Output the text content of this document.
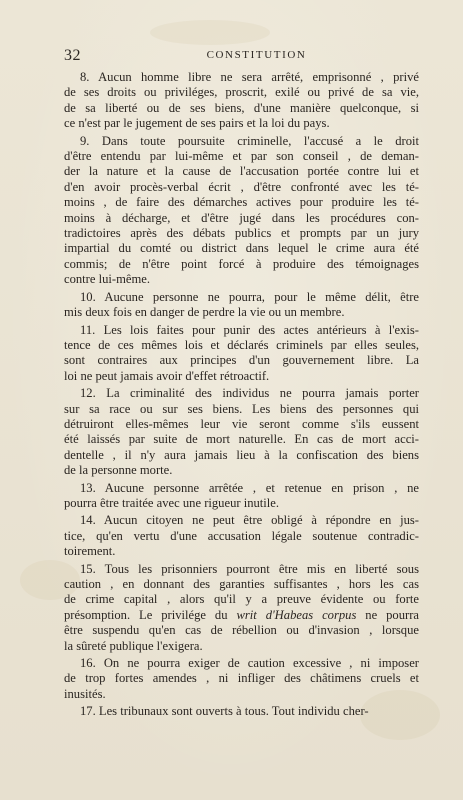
32	CONSTITUTION
8. Aucun homme libre ne sera arrêté, emprisonné , privé
de ses droits ou priviléges, proscrit, exilé ou privé de sa vie,
de sa liberté ou de ses biens, d'une manière quelconque, si
ce n'est par le jugement de ses pairs et la loi du pays.
9. Dans toute poursuite criminelle, l'accusé a le droit
d'être entendu par lui-même et par son conseil , de deman-
der la nature et la cause de l'accusation portée contre lui et
d'en avoir procès-verbal écrit , d'être confronté avec les té-
moins , de faire des démarches actives pour produire les té-
moins à décharge, et d'être jugé dans les procédures con-
tradictoires après des débats publics et prompts par un jury
impartial du comté ou district dans lequel le crime aura été
commis; de n'être point forcé à produire des témoignages
contre lui-même.
10. Aucune personne ne pourra, pour le même délit, être
mis deux fois en danger de perdre la vie ou un membre.
11. Les lois faites pour punir des actes antérieurs à l'exis-
tence de ces mêmes lois et déclarés criminels par elles seules,
sont contraires aux principes d'un gouvernement libre. La
loi ne peut jamais avoir d'effet rétroactif.
12. La criminalité des individus ne pourra jamais porter
sur sa race ou sur ses biens. Les biens des personnes qui
détruiront elles-mêmes leur vie seront comme s'ils eussent
été laissés par suite de mort naturelle. En cas de mort acci-
dentelle , il n'y aura jamais lieu à la confiscation des biens
de la personne morte.
13. Aucune personne arrêtée , et retenue en prison , ne
pourra être traitée avec une rigueur inutile.
14. Aucun citoyen ne peut être obligé à répondre en jus-
tice, qu'en vertu d'une accusation légale soutenue contradic-
toirement.
15. Tous les prisonniers pourront être mis en liberté sous
caution , en donnant des garanties suffisantes , hors les cas
de crime capital , alors qu'il y a preuve évidente ou forte
présomption. Le privilége du writ d'Habeas corpus ne pourra
être suspendu qu'en cas de rébellion ou d'invasion , lorsque
la sûreté publique l'exigera.
16. On ne pourra exiger de caution excessive , ni imposer
de trop fortes amendes , ni infliger des châtimens cruels et
inusités.
17. Les tribunaux sont ouverts à tous. Tout individu cher-
